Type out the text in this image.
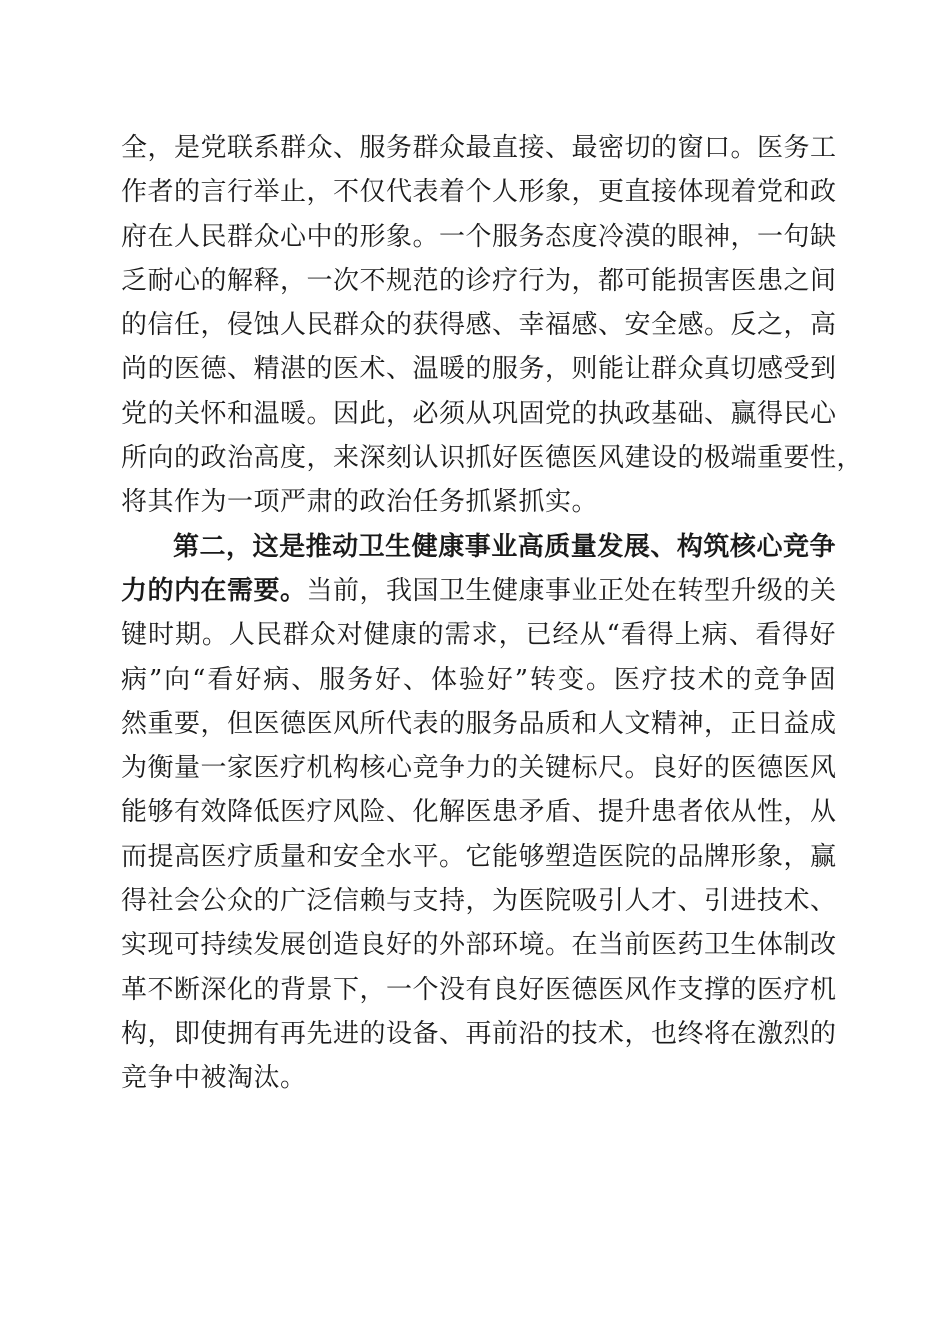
全，是党联系群众、服务群众最直接、最密切的窗口。医务工
作者的言行举止，不仅代表着个人形象，更直接体现着党和政
府在人民群众心中的形象。一个服务态度冷漠的眼神，一句缺
乏耐心的解释，一次不规范的诊疗行为，都可能损害医患之间
的信任，侵蚀人民群众的获得感、幸福感、安全感。反之，高
尚的医德、精湛的医术、温暖的服务，则能让群众真切感受到
党的关怀和温暖。因此，必须从巩固党的执政基础、赢得民心
所向的政治高度，来深刻认识抓好医德医风建设的极端重要性，
将其作为一项严肃的政治任务抓紧抓实。
第二，这是推动卫生健康事业高质量发展、构筑核心竞争
力的内在需要。当前，我国卫生健康事业正处在转型升级的关
键时期。人民群众对健康的需求，已经从“看得上病、看得好
病”向“看好病、服务好、体验好”转变。医疗技术的竞争固
然重要，但医德医风所代表的服务品质和人文精神，正日益成
为衡量一家医疗机构核心竞争力的关键标尺。良好的医德医风
能够有效降低医疗风险、化解医患矛盾、提升患者依从性，从
而提高医疗质量和安全水平。它能够塑造医院的品牌形象，赢
得社会公众的广泛信赖与支持，为医院吸引人才、引进技术、
实现可持续发展创造良好的外部环境。在当前医药卫生体制改
革不断深化的背景下，一个没有良好医德医风作支撑的医疗机
构，即使拥有再先进的设备、再前沿的技术，也终将在激烈的
竞争中被淘汰。
